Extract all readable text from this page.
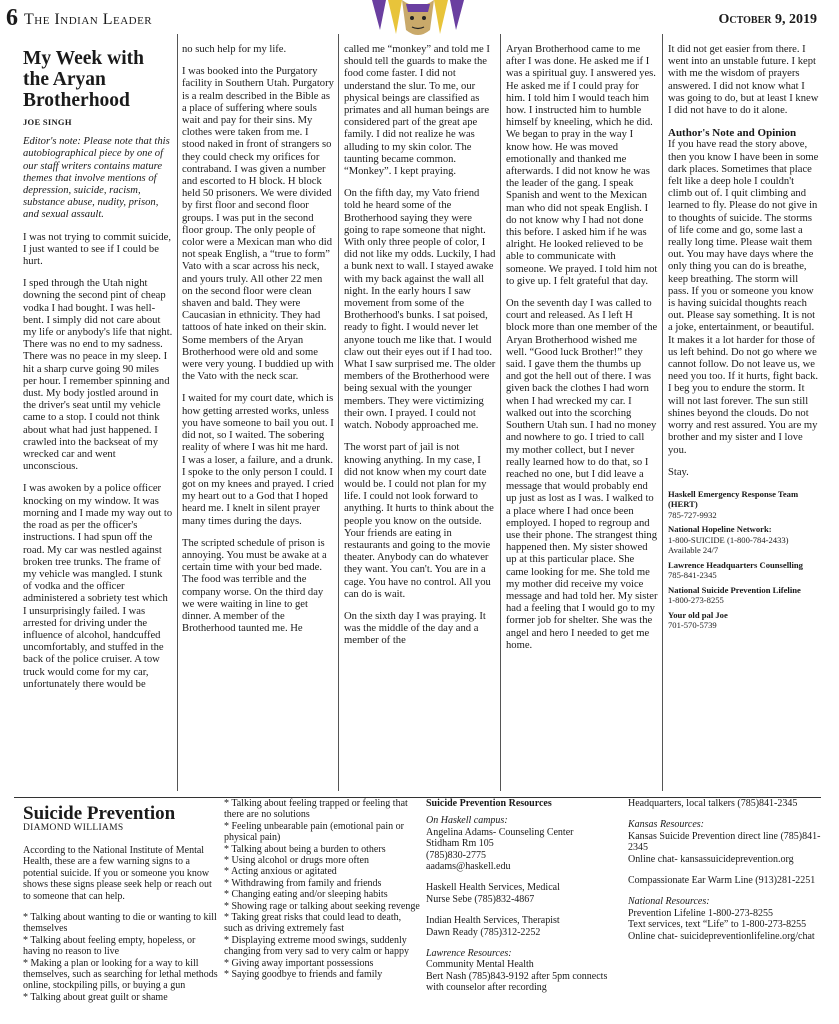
6 The Indian Leader	October 9, 2019
My Week with the Aryan Brotherhood
JOE SINGH

Editor's note: Please note that this autobiographical piece by one of our staff writers contains mature themes that involve mentions of depression, suicide, racism, substance abuse, nudity, prison, and sexual assault.

I was not trying to commit suicide, I just wanted to see if I could be hurt.

I sped through the Utah night downing the second pint of cheap vodka I had bought. I was hell-bent. I simply did not care about my life or anybody's life that night. There was no end to my sadness. There was no peace in my sleep. I hit a sharp curve going 90 miles per hour. I remember spinning and dust. My body jostled around in the driver's seat until my vehicle came to a stop. I could not think about what had just happened. I crawled into the backseat of my wrecked car and went unconscious.

I was awoken by a police officer knocking on my window. It was morning and I made my way out to the road as per the officer's instructions. I had spun off the road. My car was nestled against broken tree trunks. The frame of my vehicle was mangled. I stunk of vodka and the officer administered a sobriety test which I unsurprisingly failed. I was arrested for driving under the influence of alcohol, handcuffed uncomfortably, and stuffed in the back of the police cruiser. A tow truck would come for my car, unfortunately there would be

no such help for my life.

I was booked into the Purgatory facility in Southern Utah. Purgatory is a realm described in the Bible as a place of suffering where souls wait and pay for their sins. My clothes were taken from me. I stood naked in front of strangers so they could check my orifices for contraband. I was given a number and escorted to H block. H block held 50 prisoners. We were divided by first floor and second floor groups. I was put in the second floor group. The only people of color were a Mexican man who did not speak English, a “true to form” Vato with a scar across his neck, and yours truly. All other 22 men on the second floor were clean shaven and bald. They were Caucasian in ethnicity. They had tattoos of hate inked on their skin. Some members of the Aryan Brotherhood were old and some were very young. I buddied up with the Vato with the neck scar.

I waited for my court date, which is how getting arrested works, unless you have someone to bail you out. I did not, so I waited. The sobering reality of where I was hit me hard. I was a loser, a failure, and a drunk. I spoke to the only person I could. I got on my knees and prayed. I cried my heart out to a God that I hoped heard me. I knelt in silent prayer many times during the days.

The scripted schedule of prison is annoying. You must be awake at a certain time with your bed made. The food was terrible and the company worse. On the third day we were waiting in line to get dinner. A member of the Brotherhood taunted me. He

called me “monkey” and told me I should tell the guards to make the food come faster. I did not understand the slur. To me, our physical beings are classified as primates and all human beings are considered part of the great ape family. I did not realize he was alluding to my skin color. The taunting became common. “Monkey”. I kept praying.

On the fifth day, my Vato friend told he heard some of the Brotherhood saying they were going to rape someone that night. With only three people of color, I did not like my odds. Luckily, I had a bunk next to wall. I stayed awake with my back against the wall all night. In the early hours I saw movement from some of the Brotherhood's bunks. I sat poised, ready to fight. I would never let anyone touch me like that. I would claw out their eyes out if I had too. What I saw surprised me. The older members of the Brotherhood were being sexual with the younger members. They were victimizing their own. I prayed. I could not watch. Nobody approached me.

The worst part of jail is not knowing anything. In my case, I did not know when my court date would be. I could not plan for my life. I could not look forward to anything. It hurts to think about the people you know on the outside. Your friends are eating in restaurants and going to the movie theater. Anybody can do whatever they want. You can't. You are in a cage. You have no control. All you can do is wait.

On the sixth day I was praying. It was the middle of the day and a member of the

Aryan Brotherhood came to me after I was done. He asked me if I was a spiritual guy. I answered yes. He asked me if I could pray for him. I told him I would teach him how. I instructed him to humble himself by kneeling, which he did. We began to pray in the way I know how. He was moved emotionally and thanked me afterwards. I did not know he was the leader of the gang. I speak Spanish and went to the Mexican man who did not speak English. I do not know why I had not done this before. I asked him if he was alright. He looked relieved to be able to communicate with someone. We prayed. I told him not to give up. I felt grateful that day.

On the seventh day I was called to court and released. As I left H block more than one member of the Aryan Brotherhood wished me well. “Good luck Brother!” they said. I gave them the thumbs up and got the hell out of there. I was given back the clothes I had worn when I had wrecked my car. I walked out into the scorching Southern Utah sun. I had no money and nowhere to go. I tried to call my mother collect, but I never really learned how to do that, so I reached no one, but I did leave a message that would probably end up just as lost as I was. I walked to a place where I had once been employed. I hoped to regroup and use their phone. The strangest thing happened then. My sister showed up at this particular place. She came looking for me. She told me my mother did receive my voice message and had told her. My sister had a feeling that I would go to my former job for shelter. She was the angel and hero I needed to get me home.

It did not get easier from there. I went into an unstable future. I kept with me the wisdom of prayers answered. I did not know what I was going to do, but at least I knew I did not have to do it alone.

Author's Note and Opinion

If you have read the story above, then you know I have been in some dark places. Sometimes that place felt like a deep hole I couldn't climb out of. I quit climbing and learned to fly. Please do not give in to thoughts of suicide. The storms of life come and go, some last a really long time. Please wait them out. You may have days where the only thing you can do is breathe, keep breathing. The storm will pass. If you or someone you know is having suicidal thoughts reach out. Please say something. It is not a joke, entertainment, or beautiful. It makes it a lot harder for those of us left behind. Do not go where we cannot follow. Do not leave us, we need you too. If it hurts, fight back. I beg you to endure the storm. It will not last forever. The sun still shines beyond the clouds. Do not worry and rest assured. You are my brother and my sister and I love you.

Stay.

Haskell Emergency Response Team (HERT)
785-727-9932

National Hopeline Network:
1-800-SUICIDE (1-800-784-2433)
Available 24/7

Lawrence Headquarters Counselling
785-841-2345

National Suicide Prevention Lifeline
1-800-273-8255

Your old pal Joe
701-570-5739

Suicide Prevention
DIAMOND WILLIAMS

According to the National Institute of Mental Health, these are a few warning signs to a potential suicide. If you or someone you know shows these signs please seek help or reach out to someone that can help.

* Talking about wanting to die or wanting to kill themselves
* Talking about feeling empty, hopeless, or having no reason to live
* Making a plan or looking for a way to kill themselves, such as searching for lethal methods online, stockpiling pills, or buying a gun
* Talking about great guilt or shame

* Talking about feeling trapped or feeling that there are no solutions
* Feeling unbearable pain (emotional pain or physical pain)
* Talking about being a burden to others
* Using alcohol or drugs more often
* Acting anxious or agitated
* Withdrawing from family and friends
* Changing eating and/or sleeping habits
* Showing rage or talking about seeking revenge
* Taking great risks that could lead to death, such as driving extremely fast
* Displaying extreme mood swings, suddenly changing from very sad to very calm or happy
* Giving away important possessions
* Saying goodbye to friends and family

Suicide Prevention Resources

On Haskell campus:

Angelina Adams- Counseling Center
Stidham Rm 105
(785)830-2775
aadams@haskell.edu

Haskell Health Services, Medical
Nurse Sebe (785)832-4867

Indian Health Services, Therapist
Dawn Ready (785)312-2252

Lawrence Resources:

Community Mental Health
Bert Nash (785)843-9192 after 5pm connects with counselor after recording

Headquarters, local talkers (785)841-2345

Kansas Resources:

Kansas Suicide Prevention direct line (785)841-2345
Online chat- kansassuicideprevention.org

Compassionate Ear Warm Line (913)281-2251

National Resources:

Prevention Lifeline 1-800-273-8255
Text services, text “Life” to 1-800-273-8255
Online chat- suicidepreventionlifeline.org/chat
